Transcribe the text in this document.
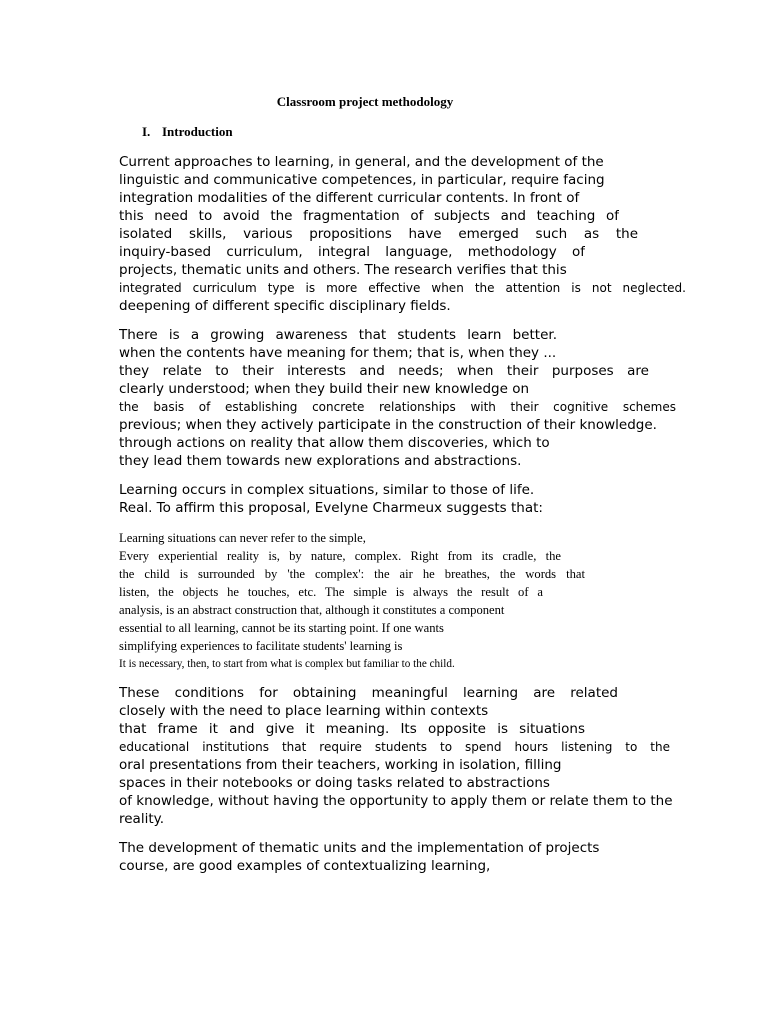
Classroom project methodology
I. Introduction
Current approaches to learning, in general, and the development of the
linguistic and communicative competences, in particular, require facing
integration modalities of the different curricular contents. In front of
this need to avoid the fragmentation of subjects and teaching of
isolated skills, various propositions have emerged such as the
inquiry-based curriculum, integral language, methodology of
projects, thematic units and others. The research verifies that this
integrated curriculum type is more effective when the attention is not neglected.
deepening of different specific disciplinary fields.
There is a growing awareness that students learn better.
when the contents have meaning for them; that is, when they ...
they relate to their interests and needs; when their purposes are
clearly understood; when they build their new knowledge on
the basis of establishing concrete relationships with their cognitive schemes
previous; when they actively participate in the construction of their knowledge.
through actions on reality that allow them discoveries, which to
they lead them towards new explorations and abstractions.
Learning occurs in complex situations, similar to those of life.
Real. To affirm this proposal, Evelyne Charmeux suggests that:
Learning situations can never refer to the simple,
Every experiential reality is, by nature, complex. Right from its cradle, the
the child is surrounded by 'the complex': the air he breathes, the words that
listen, the objects he touches, etc. The simple is always the result of a
analysis, is an abstract construction that, although it constitutes a component
essential to all learning, cannot be its starting point. If one wants
simplifying experiences to facilitate students' learning is
It is necessary, then, to start from what is complex but familiar to the child.
These conditions for obtaining meaningful learning are related
closely with the need to place learning within contexts
that frame it and give it meaning. Its opposite is situations
educational institutions that require students to spend hours listening to the
oral presentations from their teachers, working in isolation, filling
spaces in their notebooks or doing tasks related to abstractions
of knowledge, without having the opportunity to apply them or relate them to the
reality.
The development of thematic units and the implementation of projects
course, are good examples of contextualizing learning,
